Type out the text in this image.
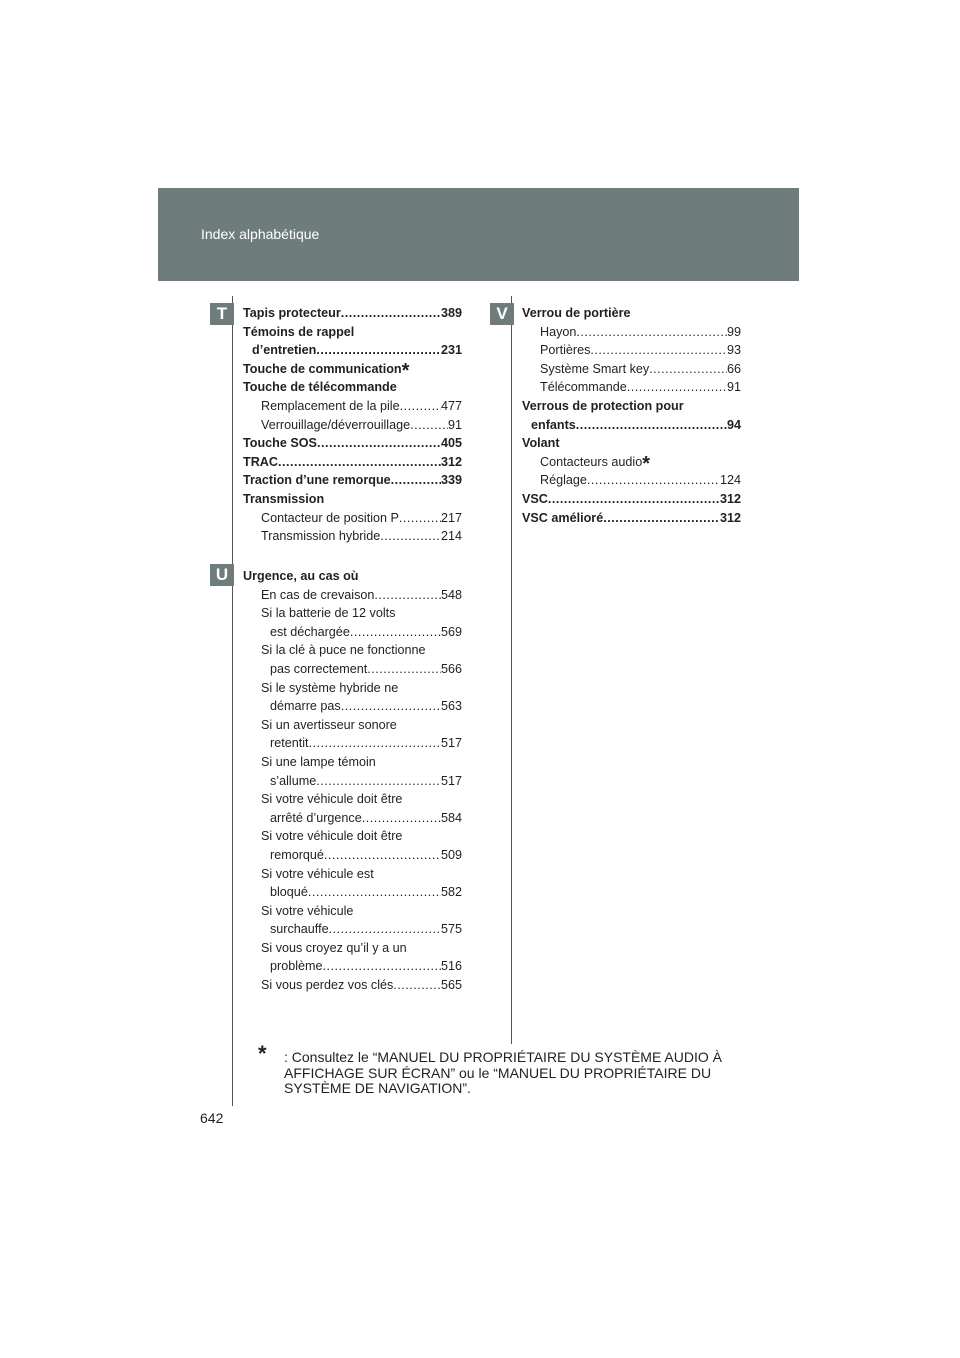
Index alphabétique
T
U
V
Tapis protecteur .....	389
Témoins de rappel
d’entretien .....	231
Touche de communication*
Touche de télécommande
Remplacement de la pile .....	477
Verrouillage/déverrouillage .....	91
Touche SOS .....	405
TRAC .....	312
Traction d’une remorque .....	339
Transmission
Contacteur de position P .....	217
Transmission hybride .....	214
Urgence, au cas où
En cas de crevaison .....	548
Si la batterie de 12 volts
est déchargée .....	569
Si la clé à puce ne fonctionne
pas correctement .....	566
Si le système hybride ne
démarre pas .....	563
Si un avertisseur sonore
retentit .....	517
Si une lampe témoin
s’allume .....	517
Si votre véhicule doit être
arrêté d’urgence .....	584
Si votre véhicule doit être
remorqué .....	509
Si votre véhicule est
bloqué .....	582
Si votre véhicule
surchauffe .....	575
Si vous croyez qu’il y a un
problème .....	516
Si vous perdez vos clés .....	565
Verrou de portière
Hayon .....	99
Portières .....	93
Système Smart key .....	66
Télécommande .....	91
Verrous de protection pour
enfants .....	94
Volant
Contacteurs audio*
Réglage .....	124
VSC .....	312
VSC amélioré .....	312
* : Consultez le “MANUEL DU PROPRIÉTAIRE DU SYSTÈME AUDIO À AFFICHAGE SUR ÉCRAN” ou le “MANUEL DU PROPRIÉTAIRE DU SYSTÈME DE NAVIGATION”.
642
